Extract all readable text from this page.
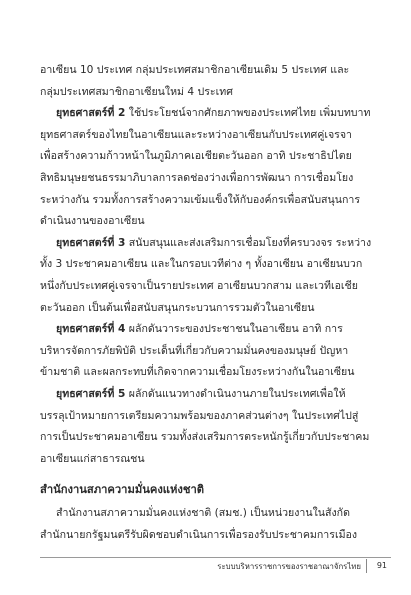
อาเซียน 10 ประเทศ กลุ่มประเทศสมาชิกอาเซียนเดิม 5 ประเทศ และ
กลุ่มประเทศสมาชิกอาเซียนใหม่ 4 ประเทศ
ยุทธศาสตร์ที่ 2 ใช้ประโยชน์จากศักยภาพของประเทศไทย เพิ่มบทบาท
ยุทธศาสตร์ของไทยในอาเซียนและระหว่างอาเซียนกับประเทศคู่เจรจา
เพื่อสร้างความก้าวหน้าในภูมิภาคเอเชียตะวันออก อาทิ ประชาธิปไตย
สิทธิมนุษยชนธรรมาภิบาลการลดช่องว่างเพื่อการพัฒนา การเชื่อมโยง
ระหว่างกัน รวมทั้งการสร้างความเข้มแข็งให้กับองค์กรเพื่อสนับสนุนการ
ดำเนินงานของอาเซียน
ยุทธศาสตร์ที่ 3 สนับสนุนและส่งเสริมการเชื่อมโยงที่ครบวงจร ระหว่าง
ทั้ง 3 ประชาคมอาเซียน และในกรอบเวทีต่าง ๆ ทั้งอาเซียน อาเซียนบวก
หนึ่งกับประเทศคู่เจรจาเป็นรายประเทศ อาเซียนบวกสาม และเวทีเอเชีย
ตะวันออก เป็นต้นเพื่อสนับสนุนกระบวนการรวมตัวในอาเซียน
ยุทธศาสตร์ที่ 4 ผลักดันวาระของประชาชนในอาเซียน อาทิ การ
บริหารจัดการภัยพิบัติ ประเด็นที่เกี่ยวกับความมั่นคงของมนุษย์ ปัญหา
ข้ามชาติ และผลกระทบที่เกิดจากความเชื่อมโยงระหว่างกันในอาเซียน
ยุทธศาสตร์ที่ 5 ผลักดันแนวทางดำเนินงานภายในประเทศเพื่อให้
บรรลุเป้าหมายการเตรียมความพร้อมของภาคส่วนต่างๆ ในประเทศไปสู่
การเป็นประชาคมอาเซียน รวมทั้งส่งเสริมการตระหนักรู้เกี่ยวกับประชาคม
อาเซียนแก่สาธารณชน
สำนักงานสภาความมั่นคงแห่งชาติ
สำนักงานสภาความมั่นคงแห่งชาติ (สมช.) เป็นหน่วยงานในสังกัด
สำนักนายกรัฐมนตรีรับผิดชอบดำเนินการเพื่อรองรับประชาคมการเมือง
ระบบบริหารราชการของราชอาณาจักรไทย 91
